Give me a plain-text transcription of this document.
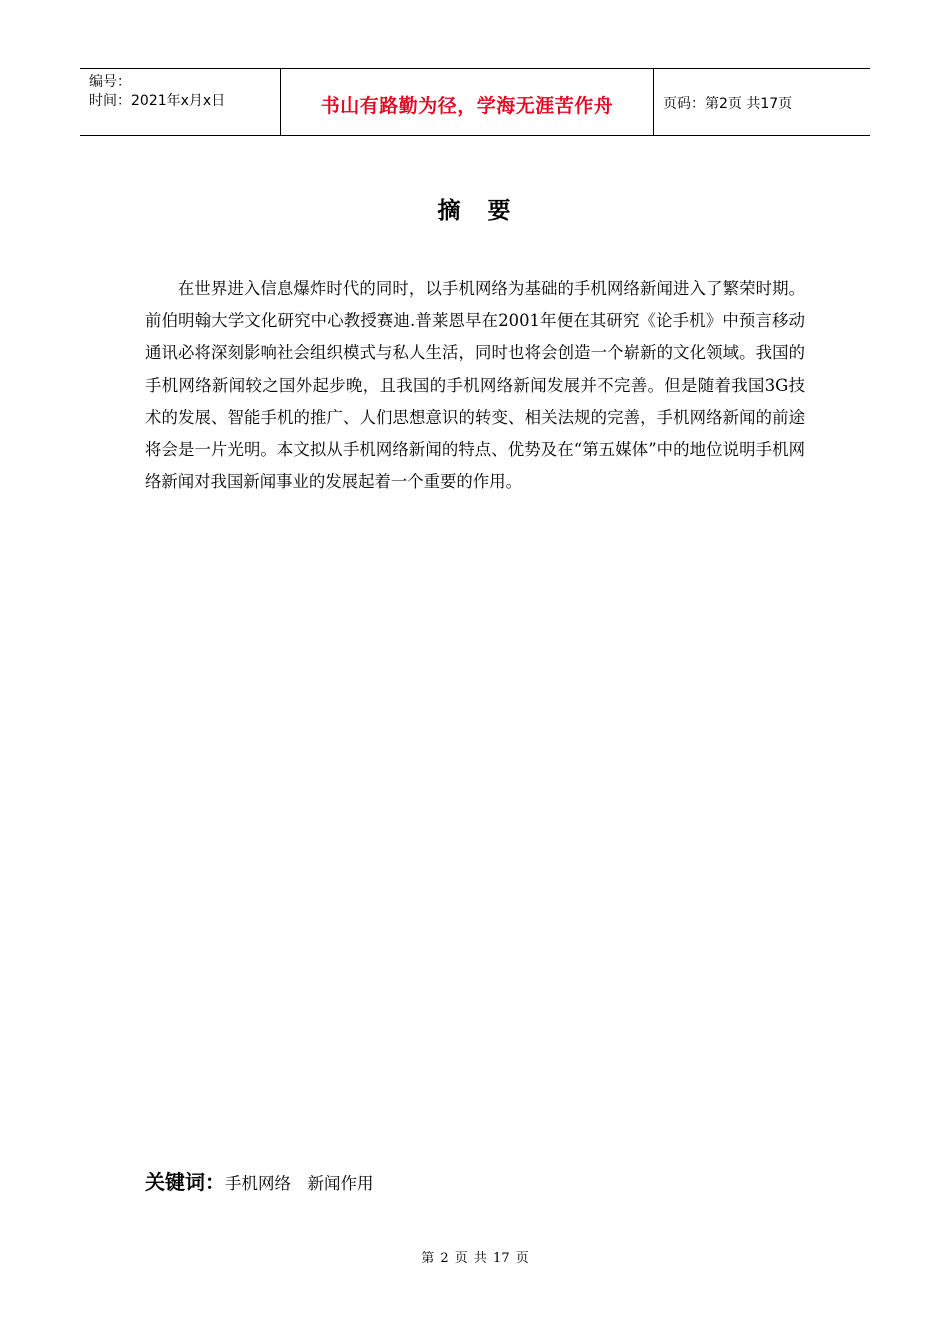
编号：
时间：2021年x月x日	书山有路勤为径，学海无涯苦作舟	页码：第2页 共17页
摘　要

在世界进入信息爆炸时代的同时，以手机网络为基础的手机网络新闻进入了繁荣时期。前伯明翰大学文化研究中心教授赛迪.普莱恩早在2001年便在其研究《论手机》中预言移动通讯必将深刻影响社会组织模式与私人生活，同时也将会创造一个崭新的文化领域。我国的手机网络新闻较之国外起步晚，且我国的手机网络新闻发展并不完善。但是随着我国3G技术的发展、智能手机的推广、人们思想意识的转变、相关法规的完善，手机网络新闻的前途将会是一片光明。本文拟从手机网络新闻的特点、优势及在“第五媒体”中的地位说明手机网络新闻对我国新闻事业的发展起着一个重要的作用。

关键词：手机网络　新闻作用
第 2 页 共 17 页
